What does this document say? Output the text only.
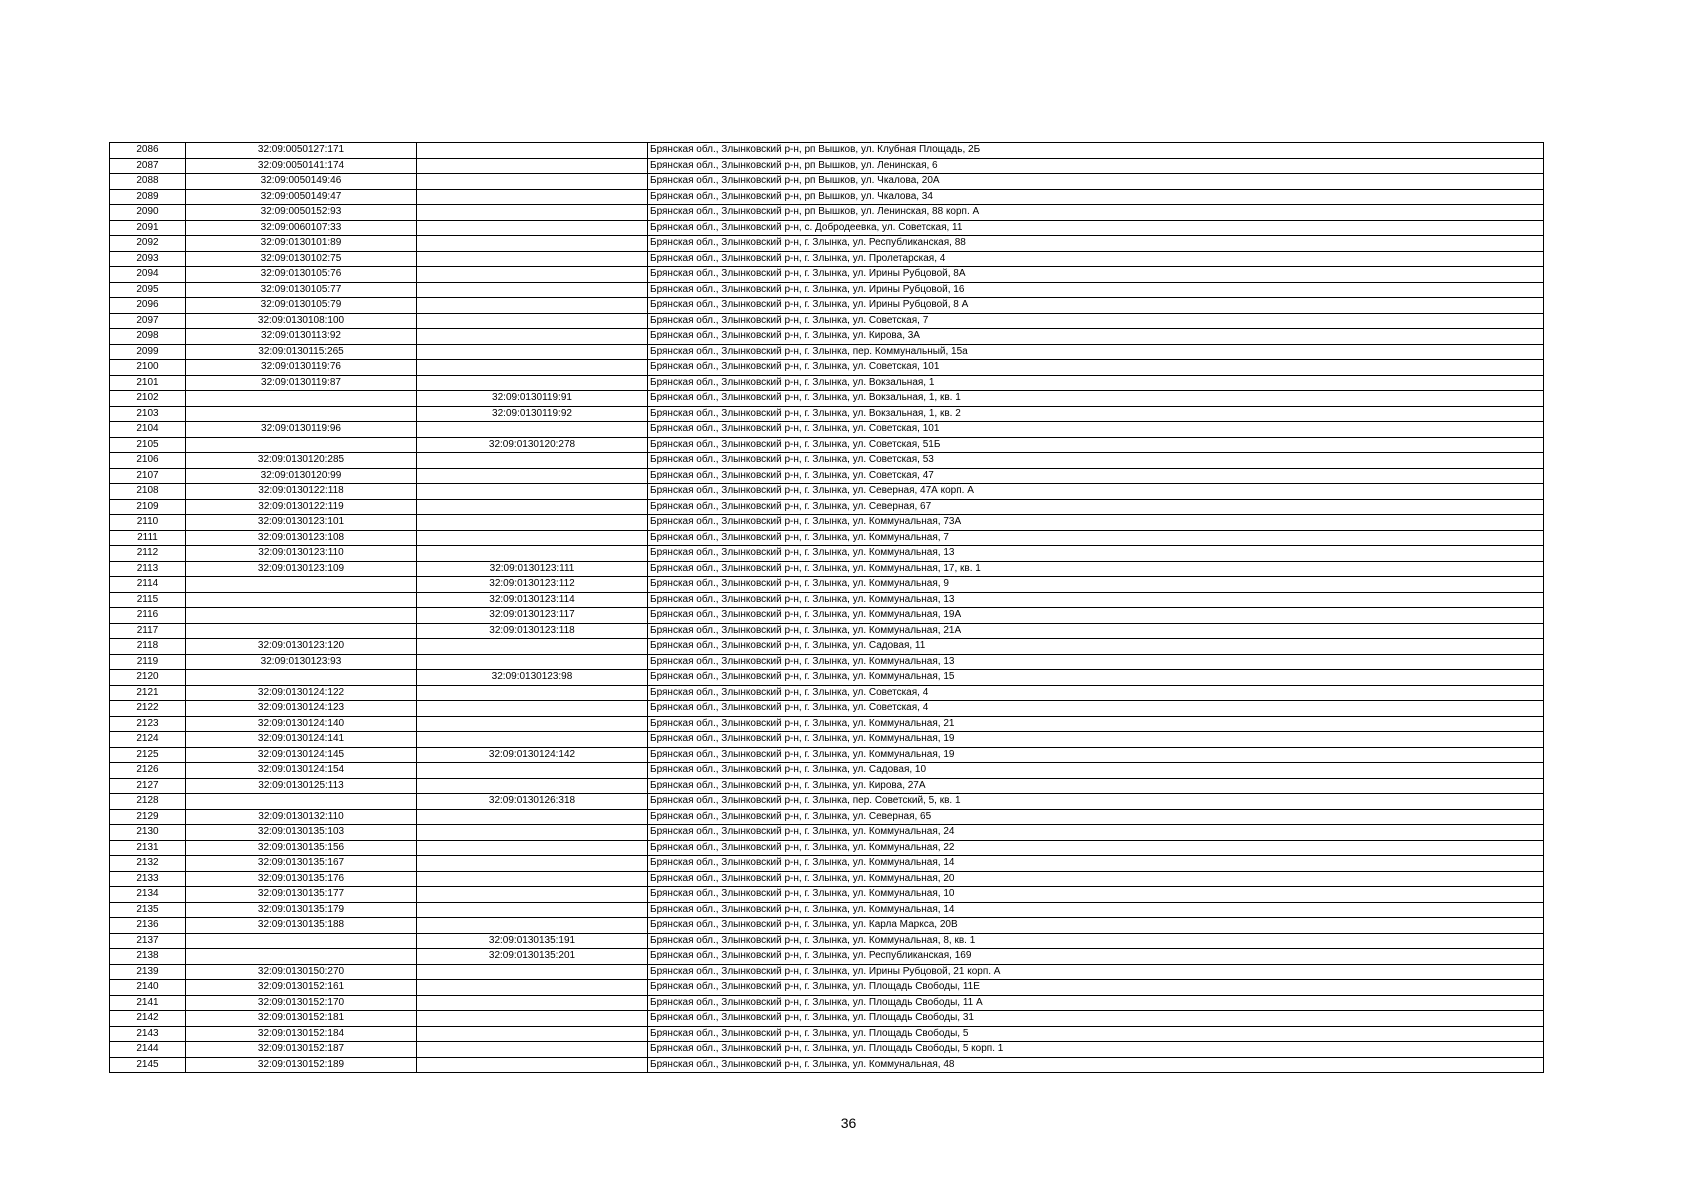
2086	32:09:0050127:171		Брянская обл., Злынковский р-н, рп Вышков, ул. Клубная Площадь, 2Б
2087	32:09:0050141:174		Брянская обл., Злынковский р-н, рп Вышков, ул. Ленинская, 6
2088	32:09:0050149:46		Брянская обл., Злынковский р-н, рп Вышков, ул. Чкалова, 20А
2089	32:09:0050149:47		Брянская обл., Злынковский р-н, рп Вышков, ул. Чкалова, 34
2090	32:09:0050152:93		Брянская обл., Злынковский р-н, рп Вышков, ул. Ленинская, 88 корп. А
2091	32:09:0060107:33		Брянская обл., Злынковский р-н, с. Добродеевка, ул. Советская, 11
2092	32:09:0130101:89		Брянская обл., Злынковский р-н, г. Злынка, ул. Республиканская, 88
2093	32:09:0130102:75		Брянская обл., Злынковский р-н, г. Злынка, ул. Пролетарская, 4
2094	32:09:0130105:76		Брянская обл., Злынковский р-н, г. Злынка, ул. Ирины Рубцовой, 8А
2095	32:09:0130105:77		Брянская обл., Злынковский р-н, г. Злынка, ул. Ирины Рубцовой, 16
2096	32:09:0130105:79		Брянская обл., Злынковский р-н, г. Злынка, ул. Ирины Рубцовой, 8 А
2097	32:09:0130108:100		Брянская обл., Злынковский р-н, г. Злынка, ул. Советская, 7
2098	32:09:0130113:92		Брянская обл., Злынковский р-н, г. Злынка, ул. Кирова, 3А
2099	32:09:0130115:265		Брянская обл., Злынковский р-н, г. Злынка, пер. Коммунальный, 15а
2100	32:09:0130119:76		Брянская обл., Злынковский р-н, г. Злынка, ул. Советская, 101
2101	32:09:0130119:87		Брянская обл., Злынковский р-н, г. Злынка, ул. Вокзальная, 1
2102		32:09:0130119:91	Брянская обл., Злынковский р-н, г. Злынка, ул. Вокзальная, 1, кв. 1
2103		32:09:0130119:92	Брянская обл., Злынковский р-н, г. Злынка, ул. Вокзальная, 1, кв. 2
2104	32:09:0130119:96		Брянская обл., Злынковский р-н, г. Злынка, ул. Советская, 101
2105		32:09:0130120:278	Брянская обл., Злынковский р-н, г. Злынка, ул. Советская, 51Б
2106	32:09:0130120:285		Брянская обл., Злынковский р-н, г. Злынка, ул. Советская, 53
2107	32:09:0130120:99		Брянская обл., Злынковский р-н, г. Злынка, ул. Советская, 47
2108	32:09:0130122:118		Брянская обл., Злынковский р-н, г. Злынка, ул. Северная, 47А корп. А
2109	32:09:0130122:119		Брянская обл., Злынковский р-н, г. Злынка, ул. Северная, 67
2110	32:09:0130123:101		Брянская обл., Злынковский р-н, г. Злынка, ул. Коммунальная, 73А
2111	32:09:0130123:108		Брянская обл., Злынковский р-н, г. Злынка, ул. Коммунальная, 7
2112	32:09:0130123:110		Брянская обл., Злынковский р-н, г. Злынка, ул. Коммунальная, 13
2113	32:09:0130123:109	32:09:0130123:111	Брянская обл., Злынковский р-н, г. Злынка, ул. Коммунальная, 17, кв. 1
2114		32:09:0130123:112	Брянская обл., Злынковский р-н, г. Злынка, ул. Коммунальная, 9
2115		32:09:0130123:114	Брянская обл., Злынковский р-н, г. Злынка, ул. Коммунальная, 13
2116		32:09:0130123:117	Брянская обл., Злынковский р-н, г. Злынка, ул. Коммунальная, 19А
2117		32:09:0130123:118	Брянская обл., Злынковский р-н, г. Злынка, ул. Коммунальная, 21А
2118	32:09:0130123:120		Брянская обл., Злынковский р-н, г. Злынка, ул. Садовая, 11
2119	32:09:0130123:93		Брянская обл., Злынковский р-н, г. Злынка, ул. Коммунальная, 13
2120		32:09:0130123:98	Брянская обл., Злынковский р-н, г. Злынка, ул. Коммунальная, 15
2121	32:09:0130124:122		Брянская обл., Злынковский р-н, г. Злынка, ул. Советская, 4
2122	32:09:0130124:123		Брянская обл., Злынковский р-н, г. Злынка, ул. Советская, 4
2123	32:09:0130124:140		Брянская обл., Злынковский р-н, г. Злынка, ул. Коммунальная, 21
2124	32:09:0130124:141		Брянская обл., Злынковский р-н, г. Злынка, ул. Коммунальная, 19
2125	32:09:0130124:145	32:09:0130124:142	Брянская обл., Злынковский р-н, г. Злынка, ул. Коммунальная, 19
2126	32:09:0130124:154		Брянская обл., Злынковский р-н, г. Злынка, ул. Садовая, 10
2127	32:09:0130125:113		Брянская обл., Злынковский р-н, г. Злынка, ул. Кирова, 27А
2128		32:09:0130126:318	Брянская обл., Злынковский р-н, г. Злынка, пер. Советский, 5, кв. 1
2129	32:09:0130132:110		Брянская обл., Злынковский р-н, г. Злынка, ул. Северная, 65
2130	32:09:0130135:103		Брянская обл., Злынковский р-н, г. Злынка, ул. Коммунальная, 24
2131	32:09:0130135:156		Брянская обл., Злынковский р-н, г. Злынка, ул. Коммунальная, 22
2132	32:09:0130135:167		Брянская обл., Злынковский р-н, г. Злынка, ул. Коммунальная, 14
2133	32:09:0130135:176		Брянская обл., Злынковский р-н, г. Злынка, ул. Коммунальная, 20
2134	32:09:0130135:177		Брянская обл., Злынковский р-н, г. Злынка, ул. Коммунальная, 10
2135	32:09:0130135:179		Брянская обл., Злынковский р-н, г. Злынка, ул. Коммунальная, 14
2136	32:09:0130135:188		Брянская обл., Злынковский р-н, г. Злынка, ул. Карла Маркса, 20В
2137		32:09:0130135:191	Брянская обл., Злынковский р-н, г. Злынка, ул. Коммунальная, 8, кв. 1
2138		32:09:0130135:201	Брянская обл., Злынковский р-н, г. Злынка, ул. Республиканская, 169
2139	32:09:0130150:270		Брянская обл., Злынковский р-н, г. Злынка, ул. Ирины Рубцовой, 21 корп. А
2140	32:09:0130152:161		Брянская обл., Злынковский р-н, г. Злынка, ул. Площадь Свободы, 11Е
2141	32:09:0130152:170		Брянская обл., Злынковский р-н, г. Злынка, ул. Площадь Свободы, 11 А
2142	32:09:0130152:181		Брянская обл., Злынковский р-н, г. Злынка, ул. Площадь Свободы, 31
2143	32:09:0130152:184		Брянская обл., Злынковский р-н, г. Злынка, ул. Площадь Свободы, 5
2144	32:09:0130152:187		Брянская обл., Злынковский р-н, г. Злынка, ул. Площадь Свободы, 5 корп. 1
2145	32:09:0130152:189		Брянская обл., Злынковский р-н, г. Злынка, ул. Коммунальная, 48
36
